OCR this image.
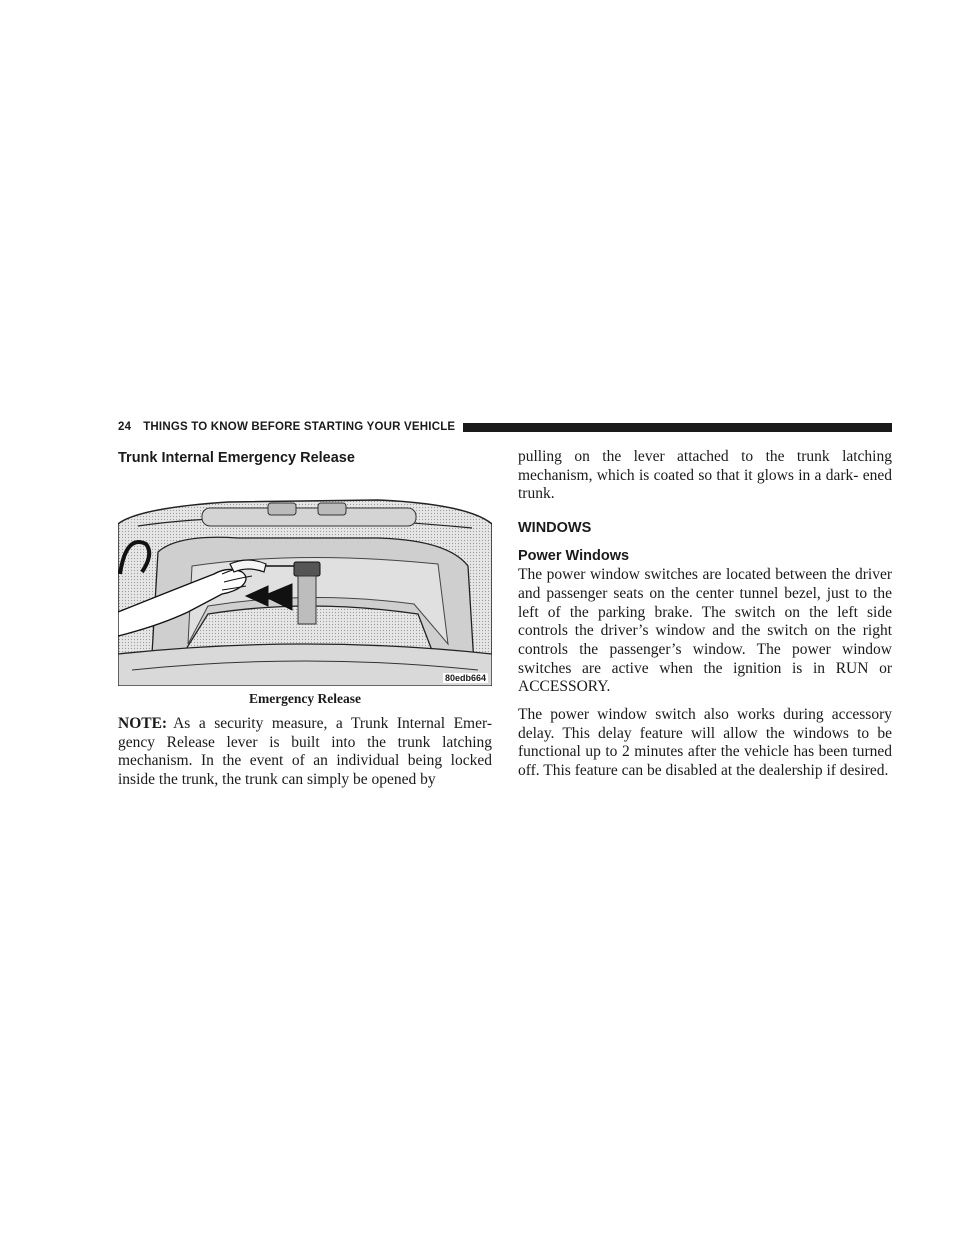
24 THINGS TO KNOW BEFORE STARTING YOUR VEHICLE
Trunk Internal Emergency Release
80edb664
Emergency Release

NOTE: As a security measure, a Trunk Internal Emer- gency Release lever is built into the trunk latching mechanism. In the event of an individual being locked inside the trunk, the trunk can simply be opened by

pulling on the lever attached to the trunk latching mechanism, which is coated so that it glows in a dark- ened trunk.

WINDOWS
Power Windows

The power window switches are located between the driver and passenger seats on the center tunnel bezel, just to the left of the parking brake. The switch on the left side controls the driver’s window and the switch on the right controls the passenger’s window. The power window switches are active when the ignition is in RUN or ACCESSORY.

The power window switch also works during accessory delay. This delay feature will allow the windows to be functional up to 2 minutes after the vehicle has been turned off. This feature can be disabled at the dealership if desired.
